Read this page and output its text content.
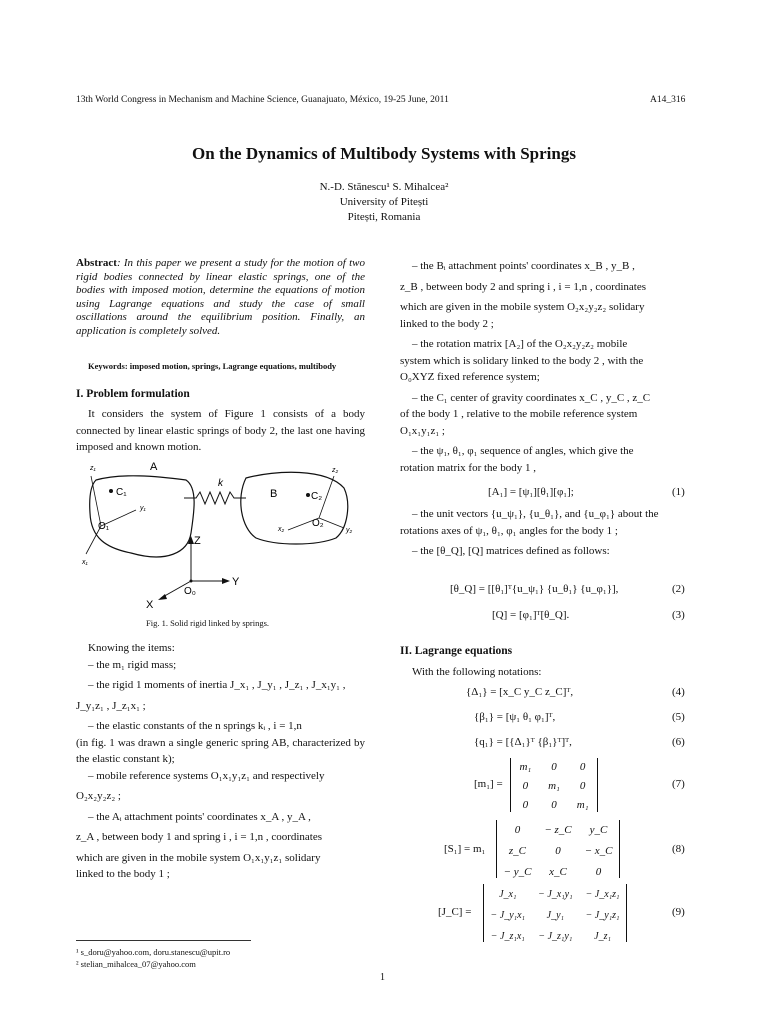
13th World Congress in Mechanism and Machine Science, Guanajuato, México, 19-25 June, 2011	A14_316
On the Dynamics of Multibody Systems with Springs
N.-D. Stănescu¹ S. Mihalcea²
University of Pitești
Pitești, Romania
Abstract: In this paper we present a study for the motion of two rigid bodies connected by linear elastic springs, one of the bodies with imposed motion, determine the equations of motion using Lagrange equations and study the case of small oscillations around the equilibrium position. Finally, an application is completely solved.
Keywords: imposed motion, springs, Lagrange equations, multibody
I. Problem formulation
It considers the system of Figure 1 consists of a body connected by linear elastic springs of body 2, the last one having imposed and known motion.
A
k
B
C₁	C₂
O₁	O₂
O₀
x₁
y₁
z₁
x₂	y₂
z₂
Z
Y
X
Fig. 1. Solid rigid linked by springs.

Knowing the items:

– the m₁ rigid mass;

– the rigid 1 moments of inertia J_x₁ , J_y₁ , J_z₁ , J_x₁y₁ ,

J_y₁z₁ , J_z₁x₁ ;

– the elastic constants of the n springs kᵢ , i = 1,n

(in fig. 1 was drawn a single generic spring AB, characterized by the elastic constant k);

– mobile reference systems O₁x₁y₁z₁ and respectively

O₂x₂y₂z₂ ;

– the Aᵢ attachment points' coordinates x_A , y_A ,

z_A , between body 1 and spring i , i = 1,n , coordinates

which are given in the mobile system O₁x₁y₁z₁ solidary

linked to the body 1 ;

¹ s_doru@yahoo.com, doru.stanescu@upit.ro
² stelian_mihalcea_07@yahoo.com

– the Bᵢ attachment points' coordinates x_B , y_B ,

z_B , between body 2 and spring i , i = 1,n , coordinates

which are given in the mobile system O₂x₂y₂z₂ solidary

linked to the body 2 ;

– the rotation matrix [A₂] of the O₂x₂y₂z₂ mobile

system which is solidary linked to the body 2 , with the

O₀XYZ fixed reference system;

– the C₁ center of gravity coordinates x_C , y_C , z_C

of the body 1 , relative to the mobile reference system

O₁x₁y₁z₁ ;

– the ψ₁, θ₁, φ₁ sequence of angles, which give the

rotation matrix for the body 1 ,

[A₁] = [ψ₁][θ₁][φ₁];	(1)

– the unit vectors {u_ψ₁}, {u_θ₁}, and {u_φ₁} about the

rotations axes of ψ₁, θ₁, φ₁ angles for the body 1 ;

– the [θ_Q], [Q] matrices defined as follows:

[θ_Q] = [[θ₁]ᵀ{u_ψ₁} {u_θ₁} {u_φ₁}],	(2)
[Q] = [φ₁]ᵀ[θ_Q].	(3)
II. Lagrange equations
With the following notations:
{Δ₁} = [x_C y_C z_C]ᵀ,	(4)
{β₁} = [ψ₁ θ₁ φ₁]ᵀ,	(5)
{q₁} = [{Δ₁}ᵀ {β₁}ᵀ]ᵀ,	(6)
[m₁] =
m₁	0	0
0	m₁	0
0	0	m₁
(7)
[S₁] = m₁
0	− z_C	y_C
z_C	0	− x_C
− y_C	x_C	0
(8)
[J_C] =
J_x₁	− J_x₁y₁	− J_x₁z₁
− J_y₁x₁	J_y₁	− J_y₁z₁
− J_z₁x₁	− J_z₁y₁	J_z₁
(9)
1
